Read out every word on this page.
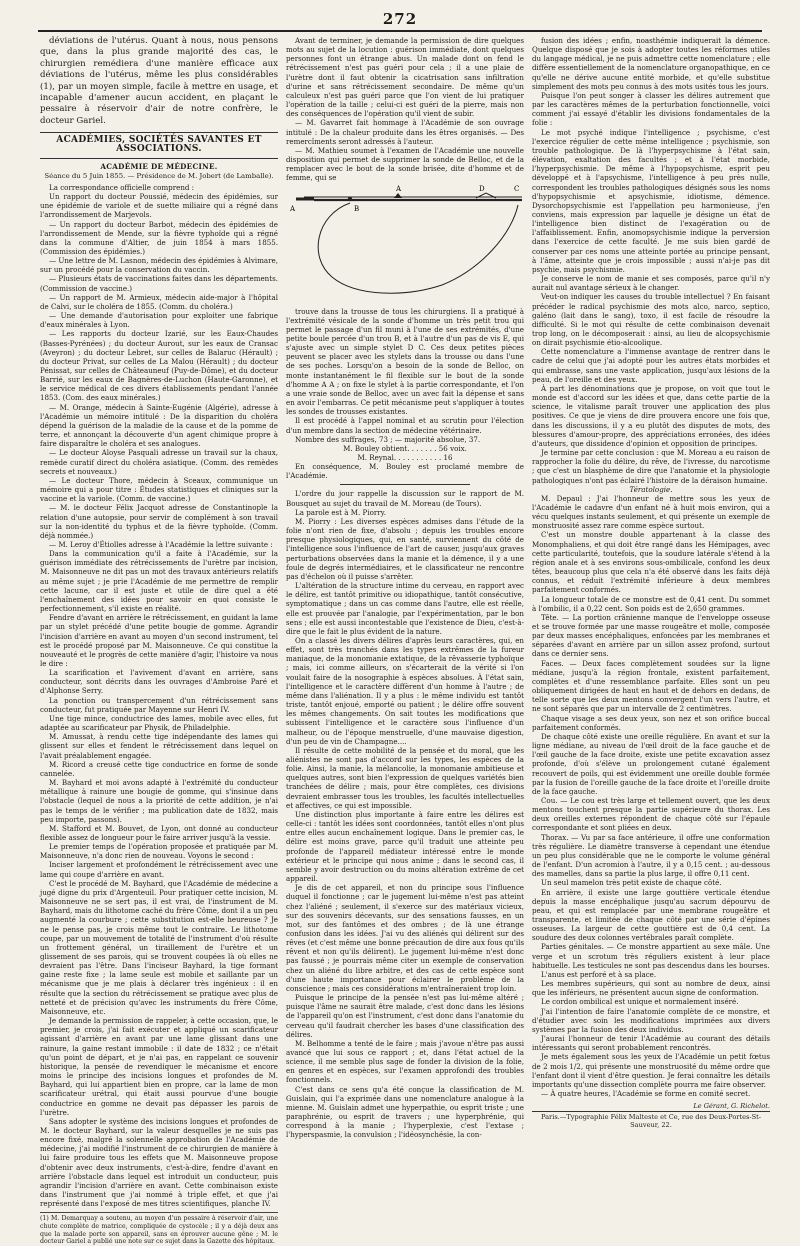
272

déviations de l'utérus. Quant à nous, nous pensons que, dans la plus grande majorité des cas, le chirurgien remédiera d'une manière efficace aux déviations de l'utérus, même les plus considérables (1), par un moyen simple, facile à mettre en usage, et incapable d'amener aucun accident, en plaçant le pessaire à réservoir d'air de notre confrère, le docteur Gariel.

ACADÉMIES, SOCIÉTÉS SAVANTES ET ASSOCIATIONS.
ACADÉMIE DE MÉDECINE.
Séance du 5 Juin 1855. — Présidence de M. Jobert (de Lamballe).

La correspondance officielle comprend :

Un rapport du docteur Poussié, médecin des épidémies, sur une épidémie de variole et de suette miliaire qui a régné dans l'arrondissement de Marjevols.

— Un rapport du docteur Barbot, médecin des épidémies de l'arrondissement de Mende, sur la fièvre typhoïde qui a régné dans la commune d'Altier, de juin 1854 à mars 1855. (Commission des épidémies.)

— Une lettre de M. Lasnon, médecin des épidémies à Alvimare, sur un procédé pour la conservation du vaccin.

— Plusieurs états de vaccinations faites dans les départements. (Commission de vaccine.)

— Un rapport de M. Armieux, médecin aide-major à l'hôpital de Calvi, sur le choléra de 1855. (Comm. du choléra.)

— Une demande d'autorisation pour exploiter une fabrique d'eaux minérales à Lyon.

— Les rapports du docteur Izarié, sur les Eaux-Chaudes (Basses-Pyrénées) ; du docteur Aurout, sur les eaux de Cransac (Aveyron) ; du docteur Lebret, sur celles de Balaruc (Hérault) ; du docteur Privat, sur celles de La Malou (Hérault) ; du docteur Pénissat, sur celles de Châteauneuf (Puy-de-Dôme), et du docteur Barrié, sur les eaux de Bagnères-de-Luchon (Haute-Garonne), et le service médical de ces divers établissements pendant l'année 1853. (Com. des eaux minérales.)

— M. Orange, médecin à Sainte-Eugénie (Algérie), adresse à l'Académie un mémoire intitulé : De la disparition du choléra dépend la guérison de la maladie de la cause et de la pomme de terre, et annonçant la découverte d'un agent chimique propre à faire disparaître le choléra et ses analogues.

— Le docteur Aloyse Pasquali adresse un travail sur la chaux, remède curatif direct du choléra asiatique. (Comm. des remèdes secrets et nouveaux.)

— Le docteur Thore, médecin à Sceaux, communique un mémoire qui a pour titre : Études statistiques et cliniques sur la vaccine et la variole. (Comm. de vaccine.)

— M. le docteur Félix Jacquot adresse de Constantinople la relation d'une autopsie, pour servir de complément à son travail sur la non-identité du typhus et de la fièvre typhoïde. (Comm. déjà nommée.)

— M. Leroy d'Étiolles adresse à l'Académie la lettre suivante :

Dans la communication qu'il a faite à l'Académie, sur la guérison immédiate des rétrécissements de l'urètre par incision, M. Maisonneuve ne dit pas un mot des travaux antérieurs relatifs au même sujet ; je prie l'Académie de me permettre de remplir cette lacune, car il est juste et utile de dire quel a été l'enchaînement des idées pour savoir en quoi consiste le perfectionnement, s'il existe en réalité.

Fendre d'avant en arrière le rétrécissement, en guidant la lame par un stylet précédé d'une petite bougie de gomme. Agrandir l'incision d'arrière en avant au moyen d'un second instrument, tel est le procédé proposé par M. Maisonneuve. Ce qui constitue la nouveauté et le progrès de cette manière d'agir, l'histoire va nous le dire :

La scarification et l'avivement d'avant en arrière, sans conducteur, sont décrits dans les ouvrages d'Ambroise Paré et d'Alphonse Serry.

La ponction ou transpercement d'un rétrécissement sans conducteur, fut pratiquée par Mayenne sur Henri IV.

Une tige mince, conductrice des lames, mobile avec elles, fut adaptée au scarificateur par Physik, de Philadelphie.

M. Amussat, à rendu cette tige indépendante des lames qui glissent sur elles et fendent le rétrécissement dans lequel on l'avait préalablement engagée.

M. Ricord a creusé cette tige conductrice en forme de sonde cannelée.

M. Bayhard et moi avons adapté à l'extrémité du conducteur métallique à rainure une bougie de gomme, qui s'insinue dans l'obstacle (lequel de nous a la priorité de cette addition, je n'ai pas le temps de le vérifier ; ma publication date de 1832, mais peu importe, passons).

M. Stafford et M. Bouvet, de Lyon, ont donné au conducteur flexible assez de longueur pour le faire arriver jusqu'à la vessie.

Le premier temps de l'opération proposée et pratiquée par M. Maisonneuve, n'a donc rien de nouveau. Voyons le second :

Inciser largement et profondément le rétrécissement avec une lame qui coupe d'arrière en avant.

C'est le procédé de M. Bayhard, que l'Académie de médecine a jugé digne du prix d'Argenteuil. Pour pratiquer cette incision, M. Maisonneuve ne se sert pas, il est vrai, de l'instrument de M. Bayhard, mais du lithotome caché du frère Côme, dont il a un peu augmenté la courbure ; cette substitution est-elle heureuse ? Je ne le pense pas, je crois même tout le contraire. Le lithotome coupe, par un mouvement de totalité de l'instrument d'où résulte un frottement général, un tiraillement de l'urètre et un glissement de ses parois, qui se trouvent coupées là où elles ne devraient pas l'être. Dans l'inciseur Bayhard, la tige formant gaine reste fixe ; la lame seule est mobile et saillante par un mécanisme que je me plais à déclarer très ingénieux : il en résulte que la section du rétrécissement se pratique avec plus de netteté et de précision qu'avec les instruments du frère Côme, Maisonneuve, etc.

Je demande la permission de rappeler, à cette occasion, que, le premier, je crois, j'ai fait exécuter et appliqué un scarificateur agissant d'arrière en avant par une lame glissant dans une rainure, la gaine restant immobile : il date de 1832 ; ce n'était qu'un point de départ, et je n'ai pas, en rappelant ce souvenir historique, la pensée de revendiquer le mécanisme et encore moins le principe des incisions longues et profondes de M. Bayhard, qui lui appartient bien en propre, car la lame de mon scarificateur urétral, qui était aussi pourvue d'une bougie conductrice en gomme ne devait pas dépasser les parois de l'urètre.

Sans adopter le système des incisions longues et profondes de M. le docteur Bayhard, sur la valeur desquelles je ne suis pas encore fixé, malgré la solennelle approbation de l'Académie de médecine, j'ai modifié l'instrument de ce chirurgien de manière à lui faire produire tous les effets que M. Maisonneuve propose d'obtenir avec deux instruments, c'est-à-dire, fendre d'avant en arrière l'obstacle dans lequel est introduit un conducteur, puis agrandir l'incision d'arrière en avant. Cette combinaison existe dans l'instrument que j'ai nommé à triple effet, et que j'ai représenté dans l'exposé de mes titres scientifiques, planche IV.

(1) M. Demarquay a soutenu, au moyen d'un pessaire à réservoir d'air, une chute complète de matrice, compliquée de cystocèle ; il y a déjà deux ans que la malade porte son appareil, sans en éprouver aucune gêne ; M. le docteur Gariel a publié une note sur ce sujet dans la Gazette des hôpitaux.

Avant de terminer, je demande la permission de dire quelques mots au sujet de la locution : guérison immédiate, dont quelques personnes font un étrange abus. Un malade dont on fend le rétrécissement n'est pas guéri pour cela ; il a une plaie de l'urètre dont il faut obtenir la cicatrisation sans infiltration d'urine et sans rétrécissement secondaire. De même qu'un calculeux n'est pas guéri parce que l'on vient de lui pratiquer l'opération de la taille ; celui-ci est guéri de la pierre, mais non des conséquences de l'opération qu'il vient de subir.

— M. Gavarret fait hommage à l'Académie de son ouvrage intitulé : De la chaleur produite dans les êtres organisés. — Des remercîments seront adressés à l'auteur.

— M. Mathieu soumet à l'examen de l'Académie une nouvelle disposition qui permet de supprimer la sonde de Belloc, et de la remplacer avec le bout de la sonde brisée, dite d'homme et de femme, qui se

A	B
A	D	C

trouve dans la trousse de tous les chirurgiens. Il a pratiqué à l'extrémité vésicale de la sonde d'homme un très petit trou qui permet le passage d'un fil muni à l'une de ses extrémités, d'une petite boule percée d'un trou B, et à l'autre d'un pas de vis E, qui s'ajuste avec un simple stylet D C. Ces deux petites pièces peuvent se placer avec les stylets dans la trousse ou dans l'une de ses poches. Lorsqu'on a besoin de la sonde de Belloc, on monte instantanément le fil flexible sur le bout de la sonde d'homme A A ; on fixe le stylet à la partie correspondante, et l'on a une vraie sonde de Belloc, avec un avec fait la dépense et sans en avoir l'embarras. Ce petit mécanisme peut s'appliquer à toutes les sondes de trousses existantes.

Il est procédé à l'appel nominal et au scrutin pour l'élection d'un membre dans la section de médecine vétérinaire.

Nombre des suffrages, 73 ; — majorité absolue, 37.

M. Bouley obtient. . . . . . . 56 voix.

M. Reynal. . . . . . . . . . . 16

En conséquence, M. Bouley est proclamé membre de l'Académie.

L'ordre du jour rappelle la discussion sur le rapport de M. Bousquet au sujet du travail de M. Moreau (de Tours).

La parole est à M. Piorry.

M. Piorry : Les diverses espèces admises dans l'étude de la folie n'ont rien de fixe, d'absolu ; depuis les troubles encore presque physiologiques, qui, en santé, surviennent du côté de l'intelligence sous l'influence de l'art de causer, jusqu'aux graves perturbations observées dans la manie et la démence, il y a une foule de degrés intermédiaires, et le classificateur ne rencontre pas d'échelon où il puisse s'arrêter.

L'altération de la structure intime du cerveau, en rapport avec le délire, est tantôt primitive ou idiopathique, tantôt consécutive, symptomatique ; dans un cas comme dans l'autre, elle est réelle, elle est prouvée par l'analogie, par l'expérimentation, par le bon sens ; elle est aussi incontestable que l'existence de Dieu, c'est-à-dire que le fait le plus évident de la nature.

On a classé les divers délires d'après leurs caractères, qui, en effet, sont très tranchés dans les types extrêmes de la fureur maniaque, de la monomanie extatique, de la rêvasserie typhoïque ; mais, ici comme ailleurs, on s'écarterait de la vérité si l'on voulait faire de la nosographie à espèces absolues. À l'état sain, l'intelligence et le caractère diffèrent d'un homme à l'autre ; de même dans l'aliénation. Il y a plus : le même individu est tantôt triste, tantôt enjoué, emporté ou patient ; le délire offre souvent les mêmes changements. On sait toutes les modifications que subissent l'intelligence et le caractère sous l'influence d'un malheur, ou de l'époque menstruelle, d'une mauvaise digestion, d'un peu de vin de Champagne....

Il résulte de cette mobilité de la pensée et du moral, que les aliénistes ne sont pas d'accord sur les types, les espèces de la folie. Ainsi, la manie, la mélancolie, la monomanie ambitieuse et quelques autres, sont bien l'expression de quelques variétés bien tranchées de délire ; mais, pour être complètes, ces divisions devraient embrasser tous les troubles, les facultés intellectuelles et affectives, ce qui est impossible.

Une distinction plus importante à faire entre les délires est celle-ci : tantôt les idées sont coordonnées, tantôt elles n'ont plus entre elles aucun enchaînement logique. Dans le premier cas, le délire est moins grave, parce qu'il traduit une atteinte peu profonde de l'appareil médiateur intéressé entre le monde extérieur et le principe qui nous anime ; dans le second cas, il semble y avoir destruction ou du moins altération extrême de cet appareil.

Je dis de cet appareil, et non du principe sous l'influence duquel il fonctionne ; car le jugement lui-même n'est pas atteint chez l'aliéné ; seulement, il s'exerce sur des matériaux vicieux, sur des souvenirs décevants, sur des sensations fausses, en un mot, sur des fantômes et des ombres ; de là une étrange confusion dans les idées. J'ai vu des aliénés qui délirent sur des rêves (et c'est même une bonne précaution de dire aux fous qu'ils rêvent et non qu'ils délirent). Le jugement lui-même n'est donc pas faussé ; je pourrais même citer un exemple de conservation chez un aliéné du libre arbitre, et des cas de cette espèce sont d'une haute importance pour éclairer le problème de la conscience ; mais ces considérations m'entraîneraient trop loin.

Puisque le principe de la pensée n'est pas lui-même altéré ; puisque l'âme ne saurait être malade, c'est donc dans les lésions de l'appareil qu'on est l'instrument, c'est donc dans l'anatomie du cerveau qu'il faudrait chercher les bases d'une classification des délires.

M. Belhomme a tenté de le faire ; mais j'avoue n'être pas aussi avancé que lui sous ce rapport ; et, dans l'état actuel de la science, il me semble plus sage de fonder la division de la folie, en genres et en espèces, sur l'examen approfondi des troubles fonctionnels.

C'est dans ce sens qu'a été conçue la classification de M. Guislain, qui l'a exprimée dans une nomenclature analogue à la mienne. M. Guislain admet une hyperpathie, ou esprit triste ; une paraphrénie, ou esprit de travers ; une hyperphrénie, qui correspond à la manie ; l'hyperplexie, c'est l'extase ; l'hyperspasmie, la convulsion ; l'idéosynchésie, la con-

fusion des idées ; enfin, noasthémie indiquerait la démence. Quelque disposé que je sois à adopter toutes les réformes utiles du langage médical, je ne puis admettre cette nomenclature ; elle diffère essentiellement de la nomenclature organopathique, en ce qu'elle ne dérive aucune entité morbide, et qu'elle substitue simplement des mots peu connus à des mots usités tous les jours.

Puisque l'on peut songer à classer les délires autrement que par les caractères mêmes de la perturbation fonctionnelle, voici comment j'ai essayé d'établir les divisions fondamentales de la folie :

Le mot psyché indique l'intelligence ; psychisme, c'est l'exercice régulier de cette même intelligence ; psychismie, son trouble pathologique. De là l'hyperpsychisme à l'état sain, élévation, exaltation des facultés ; et à l'état morbide, l'hyperpsychismie. De même à l'hypopsychisme, esprit peu développé et à l'apsychisme, l'intelligence à peu près nulle, correspondent les troubles pathologiques désignés sous les noms d'hypopsychismie et apsychismie, idiotisme, démence. Dysorchopsychismie est l'appellation peu harmonieuse, j'en conviens, mais expression par laquelle je désigne un état de l'intelligence bien distinct de l'exagération ou de l'affaiblissement. Enfin, anomopsychismie indique la perversion dans l'exercice de cette faculté. Je me suis bien gardé de conserver par ces noms une atteinte portée au principe pensant, à l'âme, atteinte que je crois impossible ; aussi n'ai-je pas dit psychie, mais psychismie.

Je conserve le nom de manie et ses composés, parce qu'il n'y aurait nul avantage sérieux à le changer.

Veut-on indiquer les causes du trouble intellectuel ? En faisant précéder le radical psychismie des mots alco, narco, septico, galéno (lait dans le sang), toxo, il est facile de résoudre la difficulté. Si le mot qui résulte de cette combinaison devenait trop long, on le décomposerait : ainsi, au lieu de alcopsychismie on dirait psychismie étio-alcoolique.

Cette nomenclature a l'immense avantage de rentrer dans le cadre de celui que j'ai adopté pour les autres états morbides et qui embrasse, sans une vaste application, jusqu'aux lésions de la peau, de l'oreille et des yeux.

À part les dénominations que je propose, on voit que tout le monde est d'accord sur les idées et que, dans cette partie de la science, le vitalisme paraît trouver une application des plus positives. Ce que je viens de dire prouvera encore une fois que, dans les discussions, il y a eu plutôt des disputes de mots, des blessures d'amour-propre, des appréciations erronées, des idées d'auteurs, que dissidence d'opinion et opposition de principes.

Je termine par cette conclusion : que M. Moreau a eu raison de rapprocher la folie du délire, du rêve, de l'ivresse, du narcotisme ; que c'est un blasphème de dire que l'anatomie et la physiologie pathologiques n'ont pas éclairé l'histoire de la déraison humaine.

Tératologie.

M. Depaul : J'ai l'honneur de mettre sous les yeux de l'Académie le cadavre d'un enfant né à huit mois environ, qui a vécu quelques instants seulement, et qui présente un exemple de monstruosité assez rare comme espèce surtout.

C'est un monstre double appartenant à la classe des Monomphaliens, et qui doit être rangé dans les Hémipages, avec cette particularité, toutefois, que la soudure latérale s'étend à la région anale et à ses environs sous-ombilicale, confond les deux têtes, beaucoup plus que cela n'a été observé dans les faits déjà connus, et réduit l'extrémité inférieure à deux membres parfaitement conformés.

La longueur totale de ce monstre est de 0,41 cent. Du sommet à l'ombilic, il a 0,22 cent. Son poids est de 2,650 grammes.

Tête. — La portion crânienne manque de l'enveloppe osseuse et se trouve formée par une masse rougeâtre et molle, composée par deux masses encéphaliques, enfoncées par les membranes et séparées d'avant en arrière par un sillon assez profond, surtout dans ce dernier sens.

Faces. — Deux faces complètement soudées sur la ligne médiane, jusqu'à la région frontale, existent parfaitement, complètes et d'une ressemblance parfaite. Elles sont un peu obliquement dirigées de haut en haut et de dehors en dedans, de telle sorte que les deux mentons convergent l'un vers l'autre, et ne sont séparés que par un intervalle de 2 centimètres.

Chaque visage a ses deux yeux, son nez et son orifice buccal parfaitement conformés.

De chaque côté existe une oreille régulière. En avant et sur la ligne médiane, au niveau de l'œil droit de la face gauche et de l'œil gauche de la face droite, existe une petite excavation assez profonde, d'où s'élève un prolongement cutané également recouvert de poils, qui est évidemment une oreille double formée par la fusion de l'oreille gauche de la face droite et l'oreille droite de la face gauche.

Cou. — Le cou est très large et tellement ouvert, que les deux mentons touchent presque la partie supérieure du thorax. Les deux oreilles externes répondent de chaque côté sur l'épaule correspondante et sont pliées en deux.

Thorax. — Vu par sa face antérieure, il offre une conformation très régulière. Le diamètre transverse à cependant une étendue un peu plus considérable que ne le comporte le volume général de l'enfant. D'un acromion à l'autre, il y a 0,15 cent. ; au-dessous des mamelles, dans sa partie la plus large, il offre 0,11 cent.

Un seul mamelon très petit existe de chaque côté.

En arrière, il existe une large gouttière verticale étendue depuis la masse encéphalique jusqu'au sacrum dépourvu de peau, et qui est remplacée par une membrane rougeâtre et transparente, et limitée de chaque côté par une série d'épines osseuses. La largeur de cette gouttière est de 0,4 cent. La soudure des deux colonnes vertébrales paraît complète.

Parties génitales. — Ce monstre appartient au sexe mâle. Une verge et un scrotum très réguliers existent à leur place habituelle. Les testicules ne sont pas descendus dans les bourses.

L'anus est perforé et à sa place.

Les membres supérieurs, qui sont au nombre de deux, ainsi que les inférieurs, ne présentent aucun signe de conformation.

Le cordon ombilical est unique et normalement inséré.

J'ai l'intention de faire l'anatomie complète de ce monstre, et d'étudier avec soin les modifications imprimées aux divers systèmes par la fusion des deux individus.

J'aurai l'honneur de tenir l'Académie au courant des détails intéressants qui seront probablement rencontrés.

Je mets également sous les yeux de l'Académie un petit fœtus de 2 mois 1/2, qui présente une monstruosité du même ordre que l'enfant dont il vient d'être question. Je ferai connaître les détails importants qu'une dissection complète pourra me faire observer.

— À quatre heures, l'Académie se forme en comité secret.

Le Gérant, G. Richelot.
Paris.—Typographie Félix Malteste et Ce, rue des Deux-Portes-St-Sauveur, 22.
